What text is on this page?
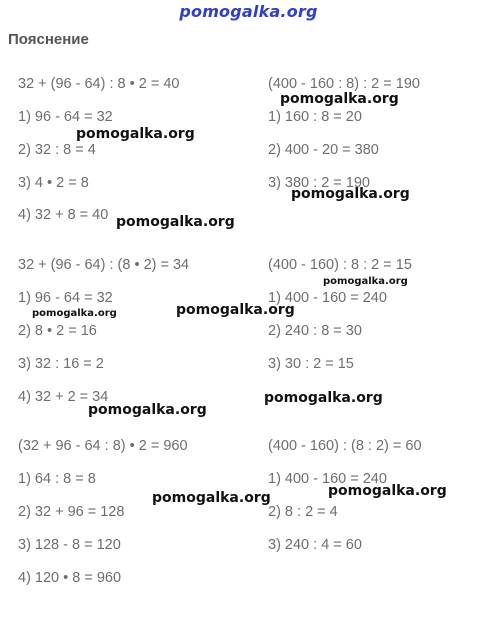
pomogalka.org
Пояснение
32 + (96 - 64) : 8 • 2 = 40
1) 96 - 64 = 32
2) 32 : 8 = 4
3) 4 • 2 = 8
4) 32 + 8 = 40
(400 - 160 : 8) : 2 = 190
1) 160 : 8 = 20
2) 400 - 20 = 380
3) 380 : 2 = 190
32 + (96 - 64) : (8 • 2) = 34
1) 96 - 64 = 32
2) 8 • 2 = 16
3) 32 : 16 = 2
4) 32 + 2 = 34
(400 - 160) : 8 : 2 = 15
1) 400 - 160 = 240
2) 240 : 8 = 30
3) 30 : 2 = 15
(32 + 96 - 64 : 8) • 2 = 960
1) 64 : 8 = 8
2) 32 + 96 = 128
3) 128 - 8 = 120
4) 120 • 8 = 960
(400 - 160) : (8 : 2) = 60
1) 400 - 160 = 240
2) 8 : 2 = 4
3) 240 : 4 = 60
pomogalka.org
pomogalka.org
pomogalka.org
pomogalka.org
pomogalka.org
pomogalka.org
pomogalka.org
pomogalka.org
pomogalka.org
pomogalka.org
pomogalka.org
